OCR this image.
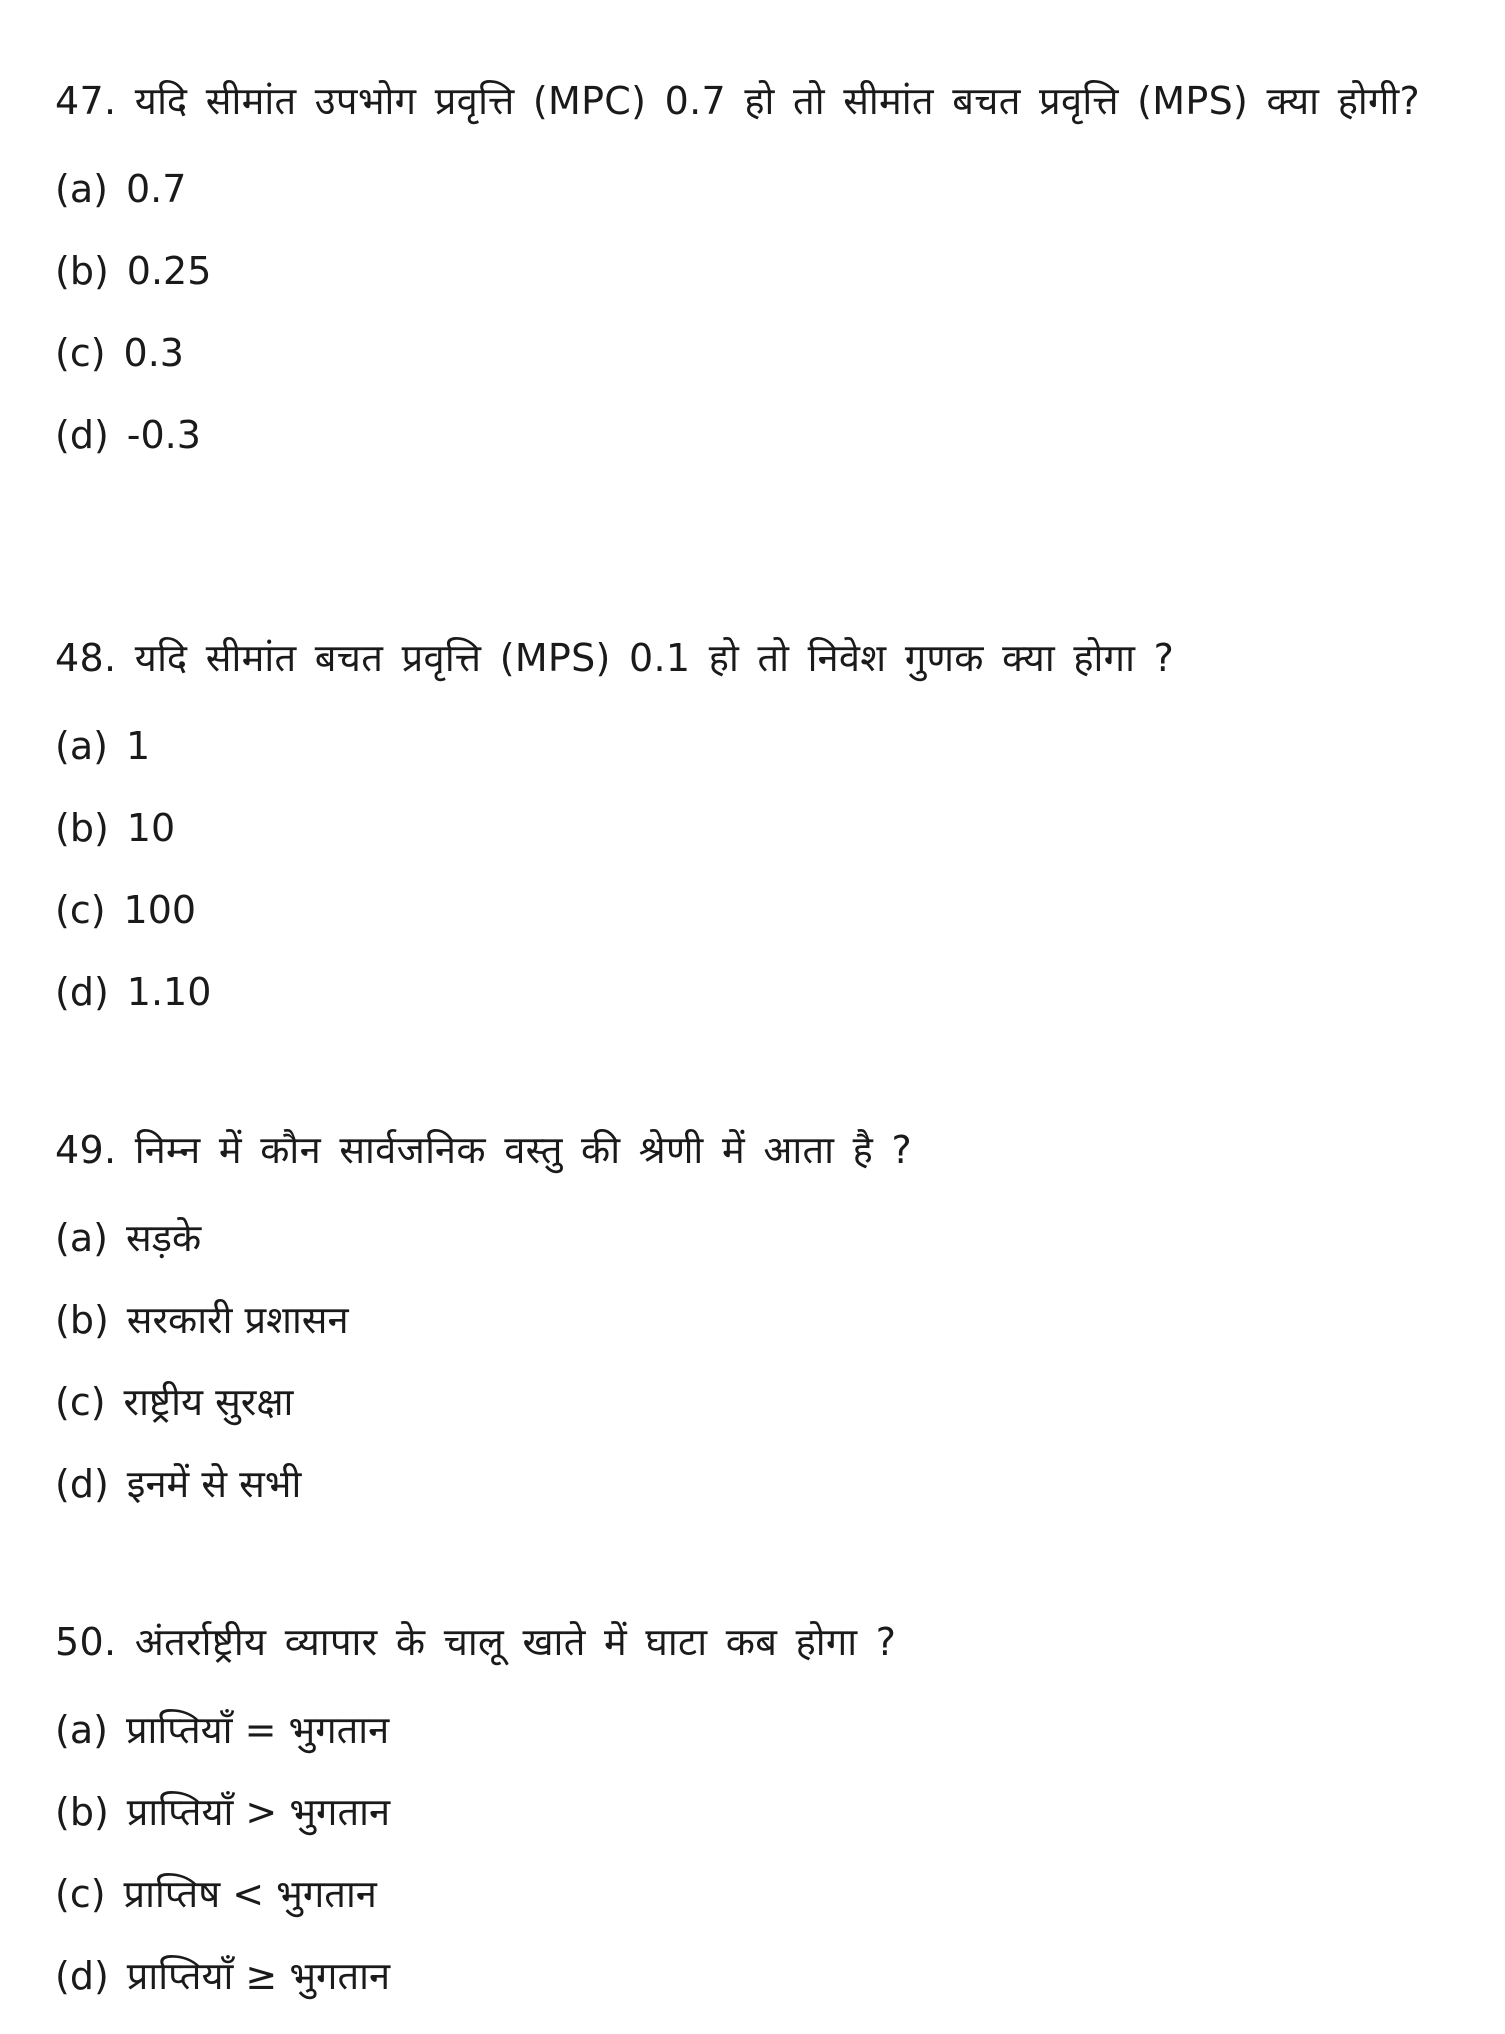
47. यदि सीमांत उपभोग प्रवृत्ति (MPC) 0.7 हो तो सीमांत बचत प्रवृत्ति (MPS) क्या होगी?

(a) 0.7
(b) 0.25
(c) 0.3
(d) -0.3

48. यदि सीमांत बचत प्रवृत्ति (MPS) 0.1 हो तो निवेश गुणक क्या होगा ?

(a) 1
(b) 10
(c) 100
(d) 1.10

49. निम्न में कौन सार्वजनिक वस्तु की श्रेणी में आता है ?

(a) सड़के
(b) सरकारी प्रशासन
(c) राष्ट्रीय सुरक्षा
(d) इनमें से सभी

50. अंतर्राष्ट्रीय व्यापार के चालू खाते में घाटा कब होगा ?

(a) प्राप्तियाँ = भुगतान
(b) प्राप्तियाँ > भुगतान
(c) प्राप्तिष < भुगतान
(d) प्राप्तियाँ ≥ भुगतान
